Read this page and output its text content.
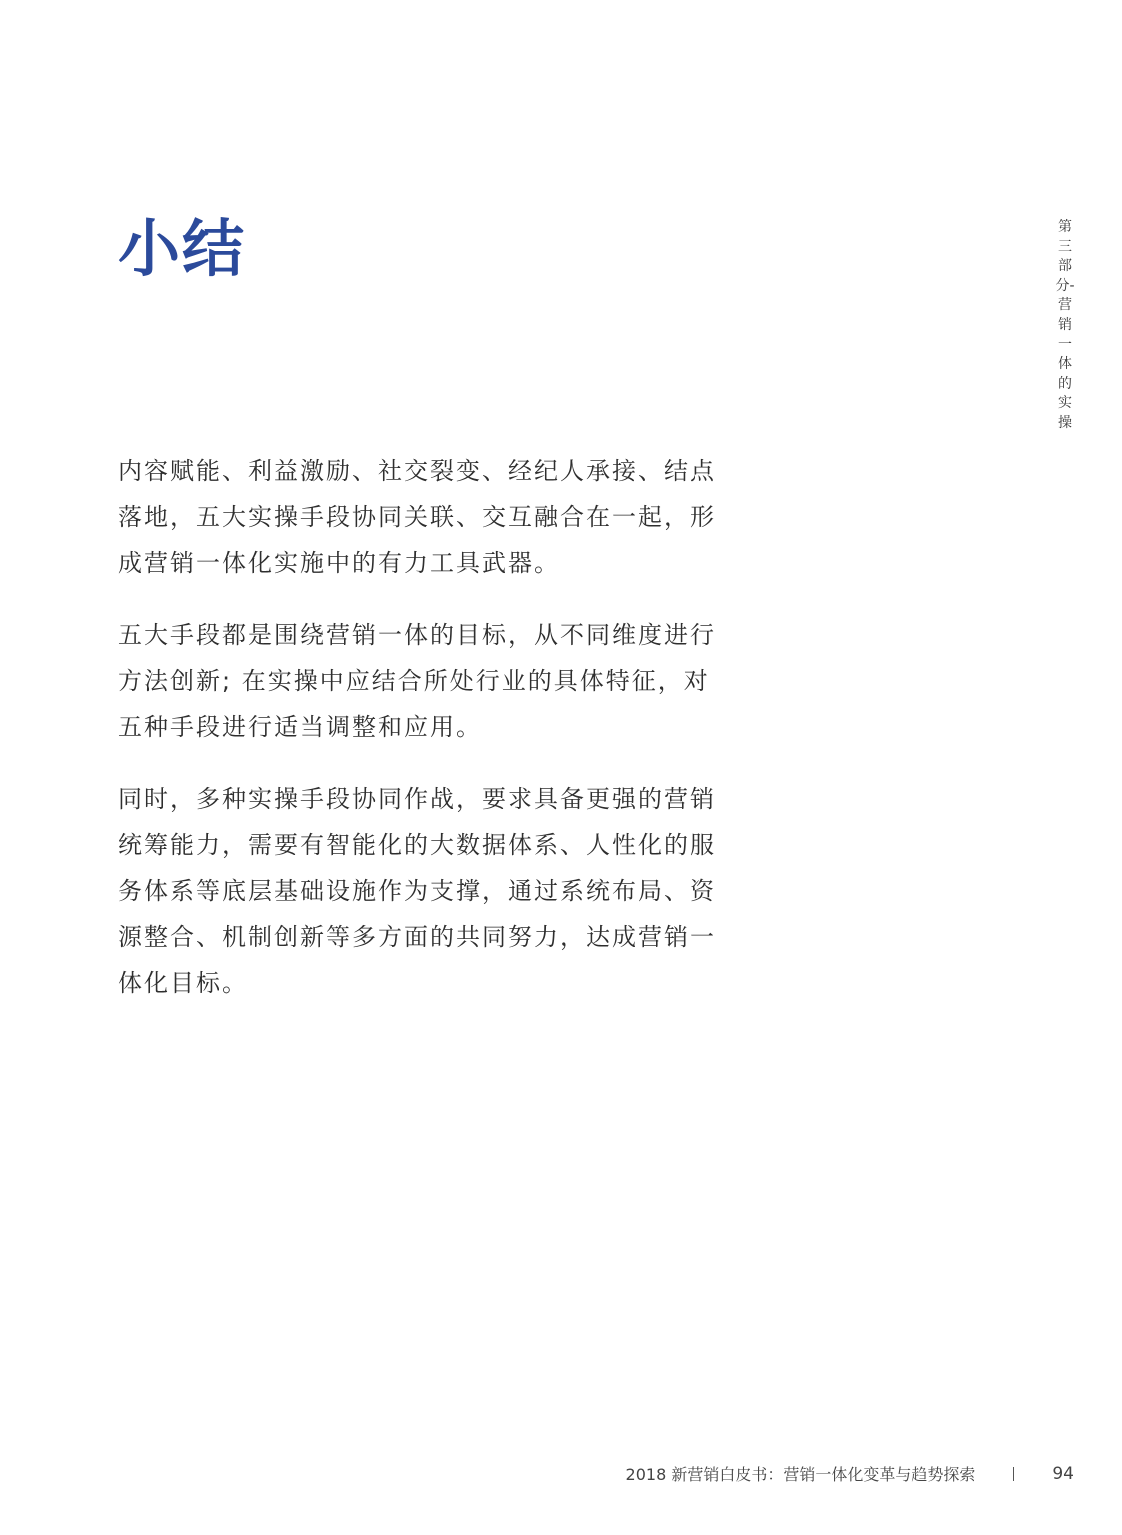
小结	第三部分-营销一体的实操

内容赋能、利益激励、社交裂变、经纪人承接、结点落地，五大实操手段协同关联、交互融合在一起，形成营销一体化实施中的有力工具武器。

五大手段都是围绕营销一体的目标，从不同维度进行方法创新; 在实操中应结合所处行业的具体特征，对五种手段进行适当调整和应用。

同时，多种实操手段协同作战，要求具备更强的营销统筹能力，需要有智能化的大数据体系、人性化的服务体系等底层基础设施作为支撑，通过系统布局、资源整合、机制创新等多方面的共同努力，达成营销一体化目标。

2018 新营销白皮书：营销一体化变革与趋势探索	94
